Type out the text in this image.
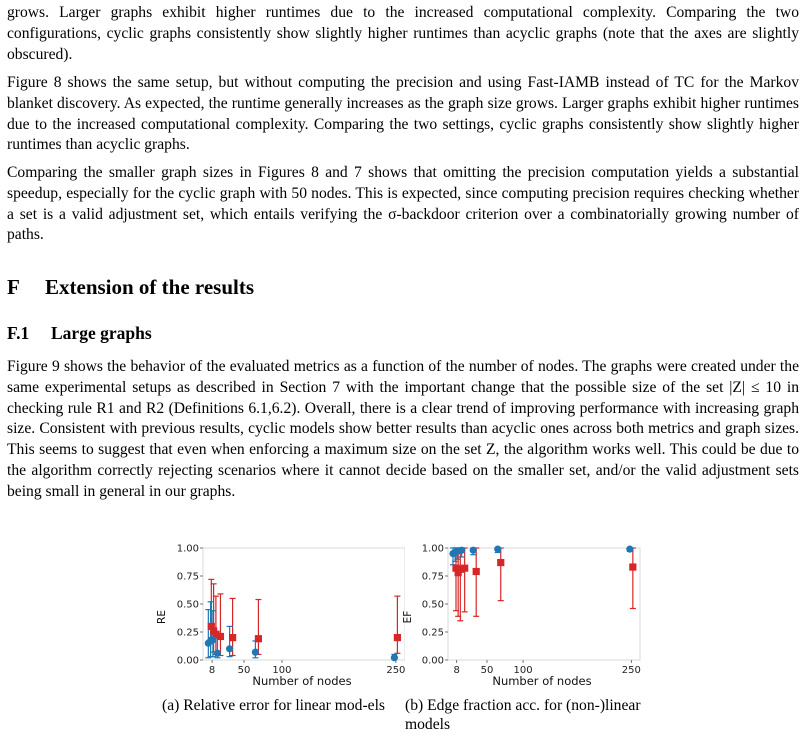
grows. Larger graphs exhibit higher runtimes due to the increased computational complexity. Comparing the two configurations, cyclic graphs consistently show slightly higher runtimes than acyclic graphs (note that the axes are slightly obscured).

Figure 8 shows the same setup, but without computing the precision and using Fast-IAMB instead of TC for the Markov blanket discovery. As expected, the runtime generally increases as the graph size grows. Larger graphs exhibit higher runtimes due to the increased computational complexity. Comparing the two settings, cyclic graphs consistently show slightly higher runtimes than acyclic graphs.

Comparing the smaller graph sizes in Figures 8 and 7 shows that omitting the precision computation yields a substantial speedup, especially for the cyclic graph with 50 nodes. This is expected, since computing precision requires checking whether a set is a valid adjustment set, which entails verifying the σ-backdoor criterion over a combinatorially growing number of paths.

F Extension of the results
F.1 Large graphs

Figure 9 shows the behavior of the evaluated metrics as a function of the number of nodes. The graphs were created under the same experimental setups as described in Section 7 with the important change that the possible size of the set |Z| ≤ 10 in checking rule R1 and R2 (Definitions 6.1,6.2). Overall, there is a clear trend of improving performance with increasing graph size. Consistent with previous results, cyclic models show better results than acyclic ones across both metrics and graph sizes. This seems to suggest that even when enforcing a maximum size on the set Z, the algorithm works well. This could be due to the algorithm correctly rejecting scenarios where it cannot decide based on the smaller set, and/or the valid adjustment sets being small in general in our graphs.

0.00
0.25
0.50
0.75
1.00
8 50 100	250
Number of nodes
RE
0.00
0.25
0.50
0.75
1.00
8 50 100	250
Number of nodes
EF

(a) Relative error for linear mod-els	(b) Edge fraction acc. for (non-)linear models
